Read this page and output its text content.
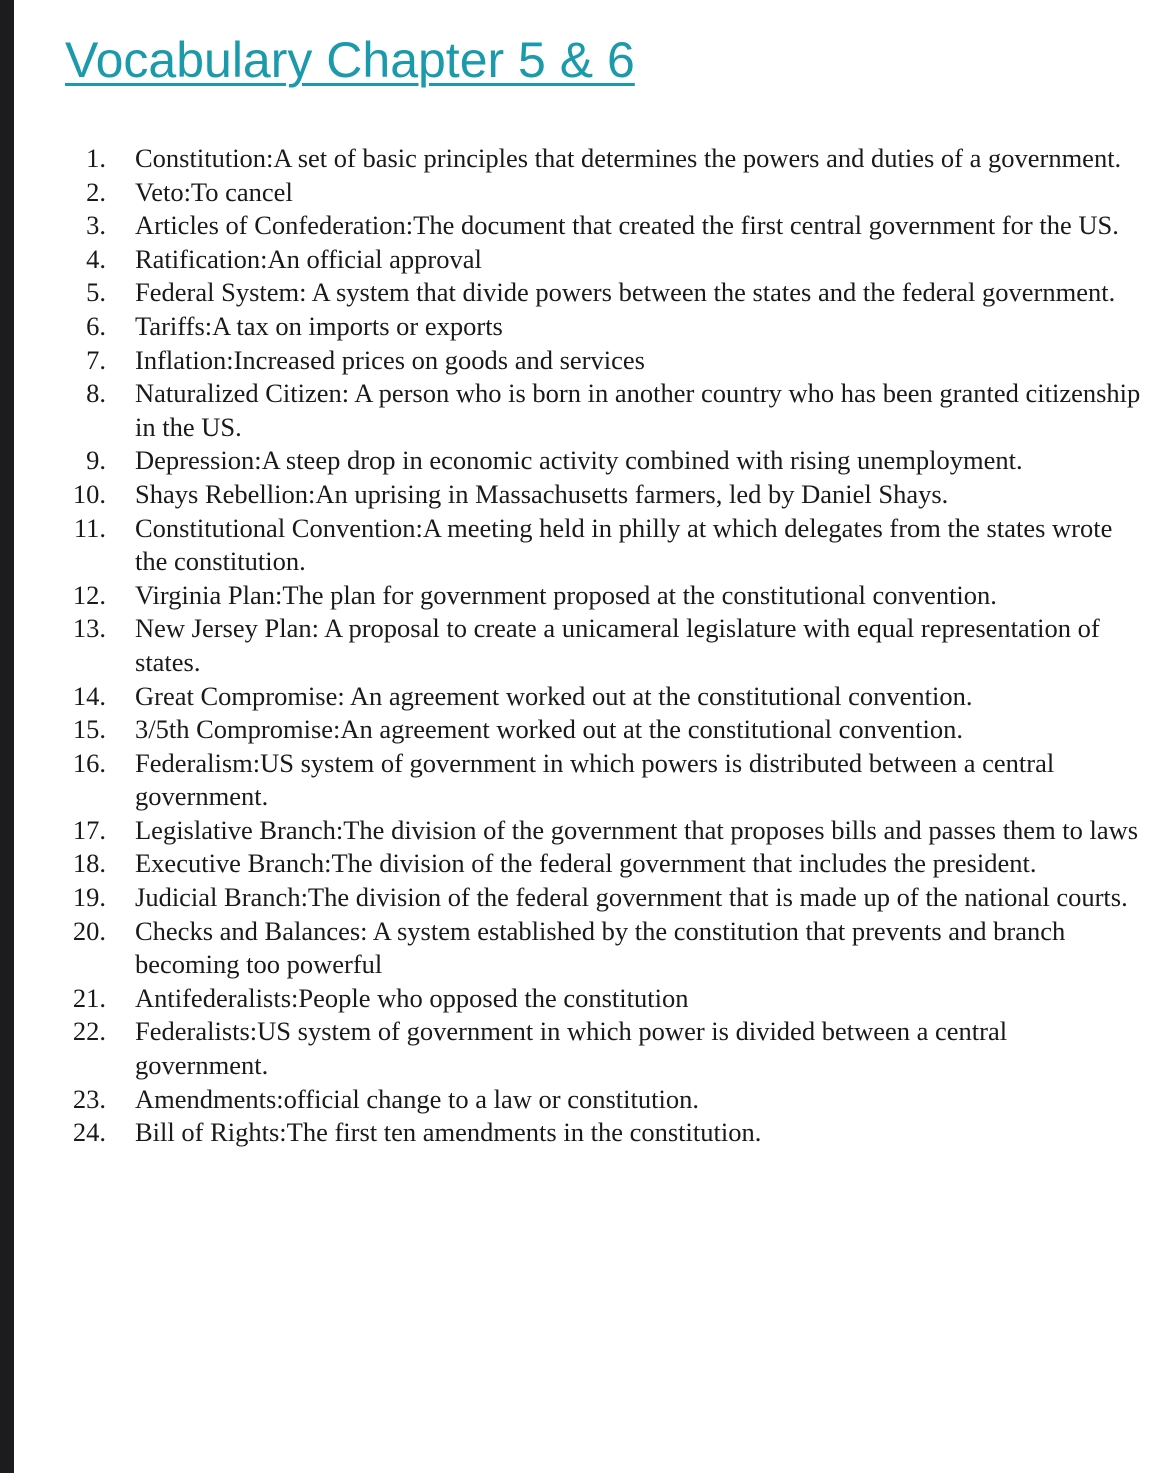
Vocabulary Chapter 5 & 6
1. Constitution:A set of basic principles that determines the powers and duties of a government.
2. Veto:To cancel
3. Articles of Confederation:The document that created the first central government for the US.
4. Ratification:An official approval
5. Federal System: A system that divide powers between the states and the federal government.
6. Tariffs:A tax on imports or exports
7. Inflation:Increased prices on goods and services
8. Naturalized Citizen: A person who is born in another country who has been granted citizenship in the US.
9. Depression:A steep drop in economic activity combined with rising unemployment.
10. Shays Rebellion:An uprising in Massachusetts farmers, led by Daniel Shays.
11. Constitutional Convention:A meeting held in philly at which delegates from the states wrote the constitution.
12. Virginia Plan:The plan for government proposed at the constitutional convention.
13. New Jersey Plan: A proposal to create a unicameral legislature with equal representation of states.
14. Great Compromise: An agreement worked out at the constitutional convention.
15. 3/5th Compromise:An agreement worked out at the constitutional convention.
16. Federalism:US system of government in which powers is distributed between a central government.
17. Legislative Branch:The division of the government that proposes bills and passes them to laws
18. Executive Branch:The division of the federal government that includes the president.
19. Judicial Branch:The division of the federal government that is made up of the national courts.
20. Checks and Balances: A system established by the constitution that prevents and branch becoming too powerful
21. Antifederalists:People who opposed the constitution
22. Federalists:US system of government in which power is divided between a central government.
23. Amendments:official change to a law or constitution.
24. Bill of Rights:The first ten amendments in the constitution.
